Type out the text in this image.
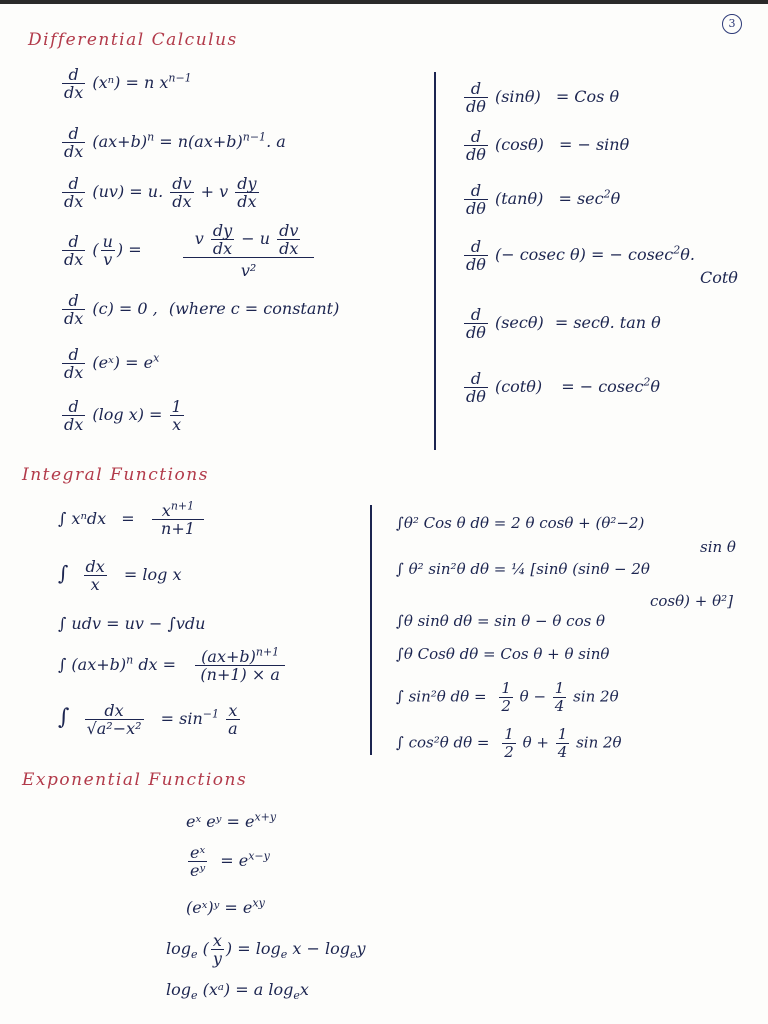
3
Differential Calculus
$\frac{d}{dx} (x^n) = n$ $x^{n-1}$
$\frac{d}{dx} (ax+b)^n = n(ax+b)^{n-1}$. a
$\frac{d}{dx} (uv) = u$. $\frac{dv}{dx} + v \frac{dy}{dx}$
$\frac{d}{dx}$ ( $\frac{u}{v}$ ) =	$\frac{v \frac{dy}{dx} - u \frac{dv}{dx}}{\text{v²}}$
$\frac{d}{dx} (c) = 0$ , (where c = constant)
$\frac{d}{dx}$ (eˣ) = $e^x$
$\frac{d}{dx} (\log$ $x) = \frac{1}{x}$
$\frac{d}{d\theta} (\sin\theta)$ = Cos θ
$\frac{d}{d\theta} (\cos\theta)$ = − sinθ
$\frac{d}{d\theta} (\tan\theta) = \sec^2\theta$
$\frac{d}{d\theta}$ (− cosec θ) = − cosec$^2$θ.
Cotθ
$\frac{d}{d\theta} (\sec\theta) = \sec\theta$. tan θ
$\frac{d}{d\theta} (\cot\theta)$ = − cosec$^2$θ
Integral Functions
∫ $x^ndx = \frac{x^{n+1}}{n+1}$
∫ $\frac{dx}{x} = \log x$
∫ udv = uv − ∫vdu
∫ $(ax+b)^n$ dx = $\frac{(ax+b)^{n+1}}{(n+1) \times a}$
∫ $\frac{dx}{\text{√a²−x²}} = \sin^{-1} \frac{x}{a}$
∫θ² Cos θ dθ = 2 θ cosθ + (θ²−2)
sin θ
∫ θ² sin²θ dθ = ¼ [sinθ (sinθ − 2θ
cosθ) + θ²]
∫θ sinθ dθ = sin θ − θ cos θ
∫θ Cosθ dθ = Cos θ + θ sinθ
∫ sin²θ $d\theta = \frac{1}{2}$ $\theta - \frac{1}{4}$ sin 2θ
∫ cos²θ $d\theta = \frac{1}{2}$ $\theta + \frac{1}{4}$ sin 2θ
Exponential Functions
eˣ eʸ = $e^{x+y}$
$\frac{\text{eˣ}}{\text{eʸ}} = e^{x-y}$
(eˣ)ʸ = $e^{xy}$
$\log_e$ ( $\frac{x}{y}$ ) = $\log_e x - \log_ey$
$\log_e$ (xᵃ) = a $\log_ex$
